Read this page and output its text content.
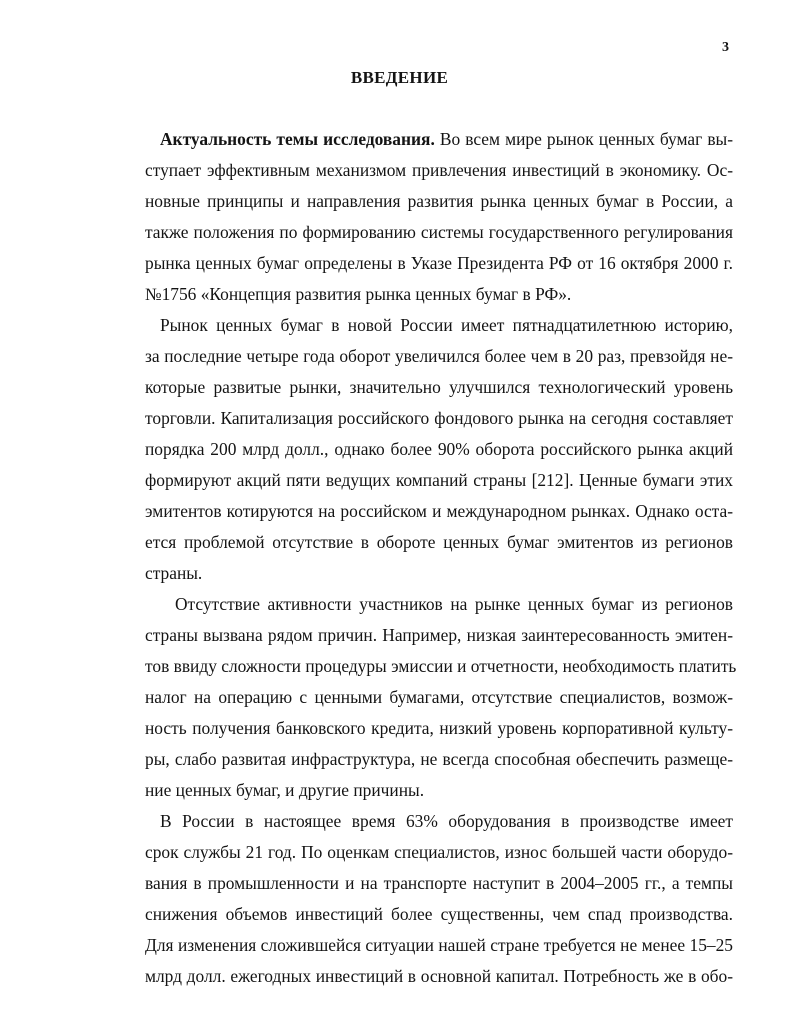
3
ВВЕДЕНИЕ
Актуальность темы исследования. Во всем мире рынок ценных бумаг вы-
ступает эффективным механизмом привлечения инвестиций в экономику. Ос-
новные принципы и направления развития рынка ценных бумаг в России, а
также положения по формированию системы государственного регулирования
рынка ценных бумаг определены в Указе Президента РФ от 16 октября 2000 г.
№1756 «Концепция развития рынка ценных бумаг в РФ».
Рынок ценных бумаг в новой России имеет пятнадцатилетнюю историю,
за последние четыре года оборот увеличился более чем в 20 раз, превзойдя не-
которые развитые рынки, значительно улучшился технологический уровень
торговли. Капитализация российского фондового рынка на сегодня составляет
порядка 200 млрд долл., однако более 90% оборота российского рынка акций
формируют акций пяти ведущих компаний страны [212]. Ценные бумаги этих
эмитентов котируются на российском и международном рынках. Однако оста-
ется проблемой отсутствие в обороте ценных бумаг эмитентов из регионов
страны.
Отсутствие активности участников на рынке ценных бумаг из регионов
страны вызвана рядом причин. Например, низкая заинтересованность эмитен-
тов ввиду сложности процедуры эмиссии и отчетности, необходимость платить
налог на операцию с ценными бумагами, отсутствие специалистов, возмож-
ность получения банковского кредита, низкий уровень корпоративной культу-
ры, слабо развитая инфраструктура, не всегда способная обеспечить размеще-
ние ценных бумаг, и другие причины.
В России в настоящее время 63% оборудования в производстве имеет
срок службы 21 год. По оценкам специалистов, износ большей части оборудо-
вания в промышленности и на транспорте наступит в 2004–2005 гг., а темпы
снижения объемов инвестиций более существенны, чем спад производства.
Для изменения сложившейся ситуации нашей стране требуется не менее 15–25
млрд долл. ежегодных инвестиций в основной капитал. Потребность же в обо-
